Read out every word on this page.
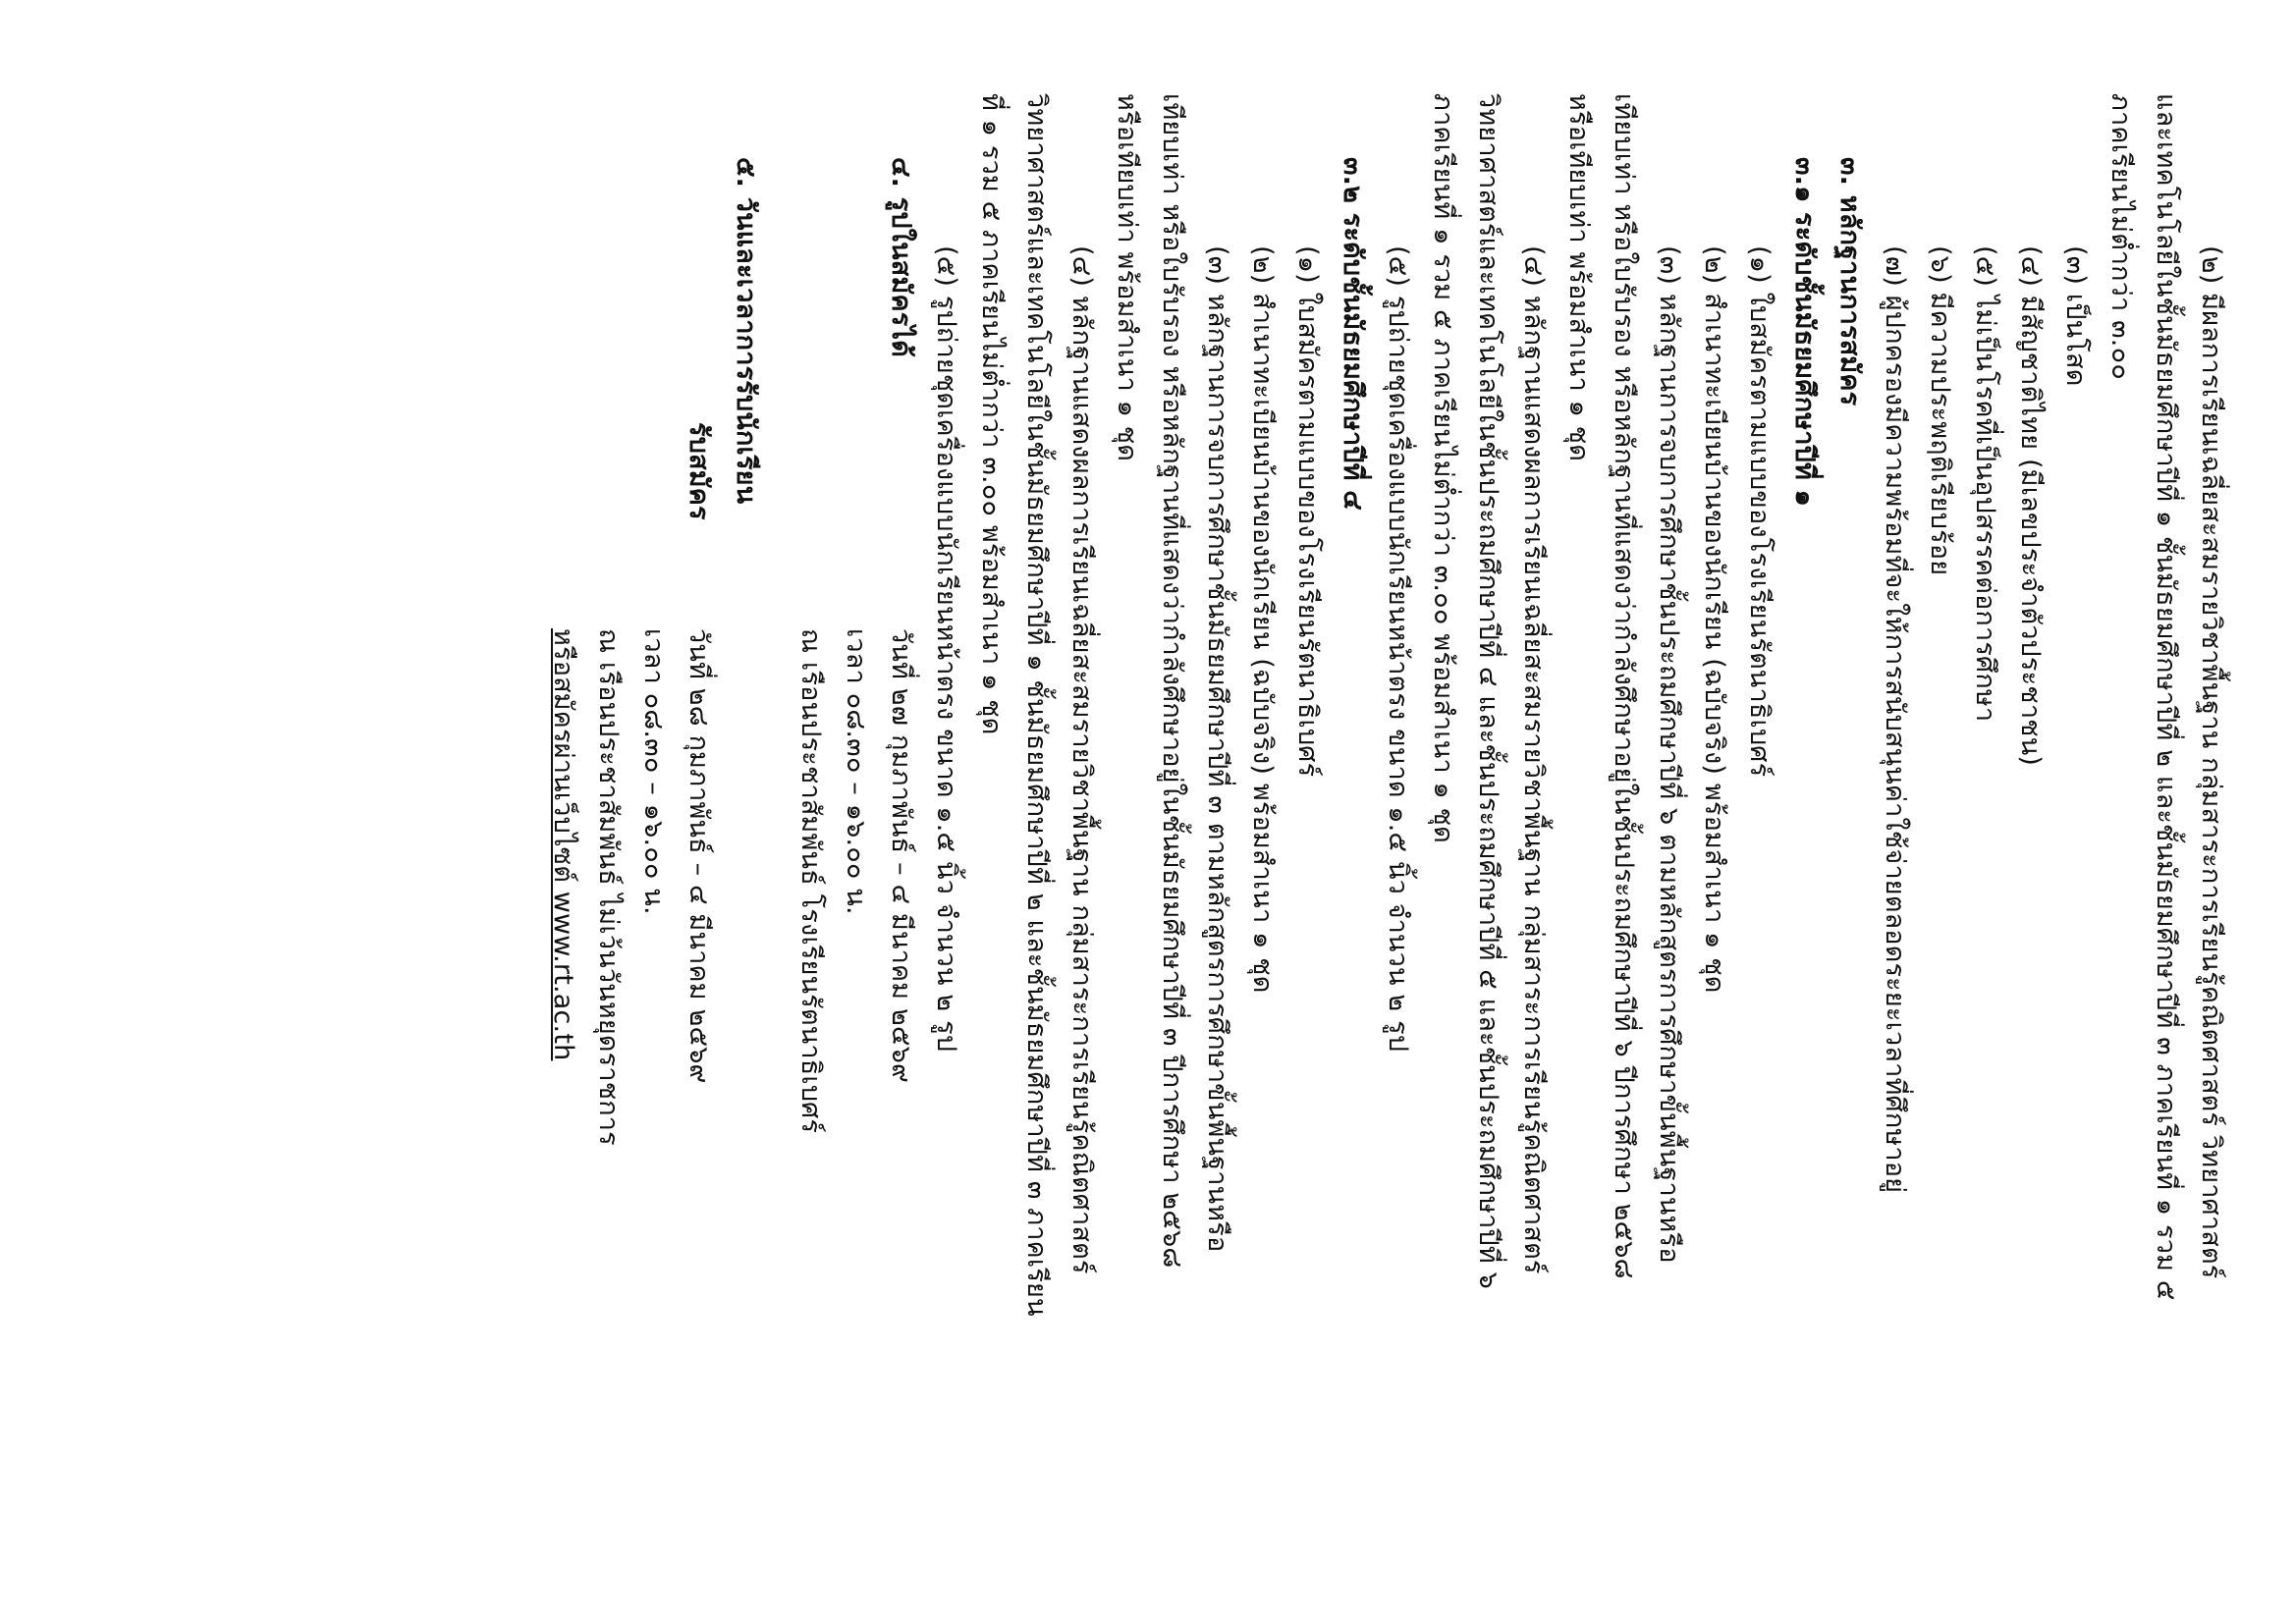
(๒) มีผลการเรียนเฉลี่ยสะสมรายวิชาพื้นฐาน กลุ่มสาระการเรียนรู้คณิตศาสตร์ วิทยาศาสตร์
และเทคโนโลยีในชั้นมัธยมศึกษาปีที่ ๑ ชั้นมัธยมศึกษาปีที่ ๒ และชั้นมัธยมศึกษาปีที่ ๓ ภาคเรียนที่ ๑ รวม ๕
ภาคเรียนไม่ต่ำกว่า ๓.๐๐
(๓) เป็นโสด
(๔) มีสัญชาติไทย (มีเลขประจำตัวประชาชน)
(๕) ไม่เป็นโรคที่เป็นอุปสรรคต่อการศึกษา
(๖) มีความประพฤติเรียบร้อย
(๗) ผู้ปกครองมีความพร้อมที่จะให้การสนับสนุนค่าใช้จ่ายตลอดระยะเวลาที่ศึกษาอยู่
๓. หลักฐานการสมัคร
๓.๑ ระดับชั้นมัธยมศึกษาปีที่ ๑
(๑) ใบสมัครตามแบบของโรงเรียนรัตนาธิเบศร์
(๒) สำเนาทะเบียนบ้านของนักเรียน (ฉบับจริง) พร้อมสำเนา ๑ ชุด
(๓) หลักฐานการจบการศึกษาชั้นประถมศึกษาปีที่ ๖ ตามหลักสูตรการศึกษาขั้นพื้นฐานหรือ
เทียบเท่า หรือใบรับรอง หรือหลักฐานที่แสดงว่ากำลังศึกษาอยู่ในชั้นประถมศึกษาปีที่ ๖ ปีการศึกษา ๒๕๖๘
หรือเทียบเท่า พร้อมสำเนา ๑ ชุด
(๔) หลักฐานแสดงผลการเรียนเฉลี่ยสะสมรายวิชาพื้นฐาน กลุ่มสาระการเรียนรู้คณิตศาสตร์
วิทยาศาสตร์และเทคโนโลยีในชั้นประถมศึกษาปีที่ ๔ และชั้นประถมศึกษาปีที่ ๕ และชั้นประถมศึกษาปีที่ ๖
ภาคเรียนที่ ๑ รวม ๕ ภาคเรียนไม่ต่ำกว่า ๓.๐๐ พร้อมสำเนา ๑ ชุด
(๕) รูปถ่ายชุดเครื่องแบบนักเรียนหน้าตรง ขนาด ๑.๕ นิ้ว จำนวน ๒ รูป
๓.๒ ระดับชั้นมัธยมศึกษาปีที่ ๔
(๑) ใบสมัครตามแบบของโรงเรียนรัตนาธิเบศร์
(๒) สำเนาทะเบียนบ้านของนักเรียน (ฉบับจริง) พร้อมสำเนา ๑ ชุด
(๓) หลักฐานการจบการศึกษาชั้นมัธยมศึกษาปีที่ ๓ ตามหลักสูตรการศึกษาขั้นพื้นฐานหรือ
เทียบเท่า หรือใบรับรอง หรือหลักฐานที่แสดงว่ากำลังศึกษาอยู่ในชั้นมัธยมศึกษาปีที่ ๓ ปีการศึกษา ๒๕๖๘
หรือเทียบเท่า พร้อมสำเนา ๑ ชุด
(๔) หลักฐานแสดงผลการเรียนเฉลี่ยสะสมรายวิชาพื้นฐาน กลุ่มสาระการเรียนรู้คณิตศาสตร์
วิทยาศาสตร์และเทคโนโลยีในชั้นมัธยมศึกษาปีที่ ๑ ชั้นมัธยมศึกษาปีที่ ๒ และชั้นมัธยมศึกษาปีที่ ๓ ภาคเรียน
ที่ ๑ รวม ๕ ภาคเรียนไม่ต่ำกว่า ๓.๐๐ พร้อมสำเนา ๑ ชุด
(๕) รูปถ่ายชุดเครื่องแบบนักเรียนหน้าตรง ขนาด ๑.๕ นิ้ว จำนวน ๒ รูป
๔. รูปในสมัครได้
วันที่ ๒๗ กุมภาพันธ์ – ๔ มีนาคม ๒๕๖๙
เวลา ๐๘.๓๐ – ๑๖.๐๐ น.
ณ เรือนประชาสัมพันธ์ โรงเรียนรัตนาธิเบศร์
๕. วันและเวลาการรับนักเรียน
รับสมัคร
วันที่ ๒๘ กุมภาพันธ์ – ๔ มีนาคม ๒๕๖๙
เวลา ๐๘.๓๐ – ๑๖.๐๐ น.
ณ เรือนประชาสัมพันธ์ ไม่เว้นวันหยุดราชการ
หรือสมัครผ่านเว็บไซต์ www.rt.ac.th
